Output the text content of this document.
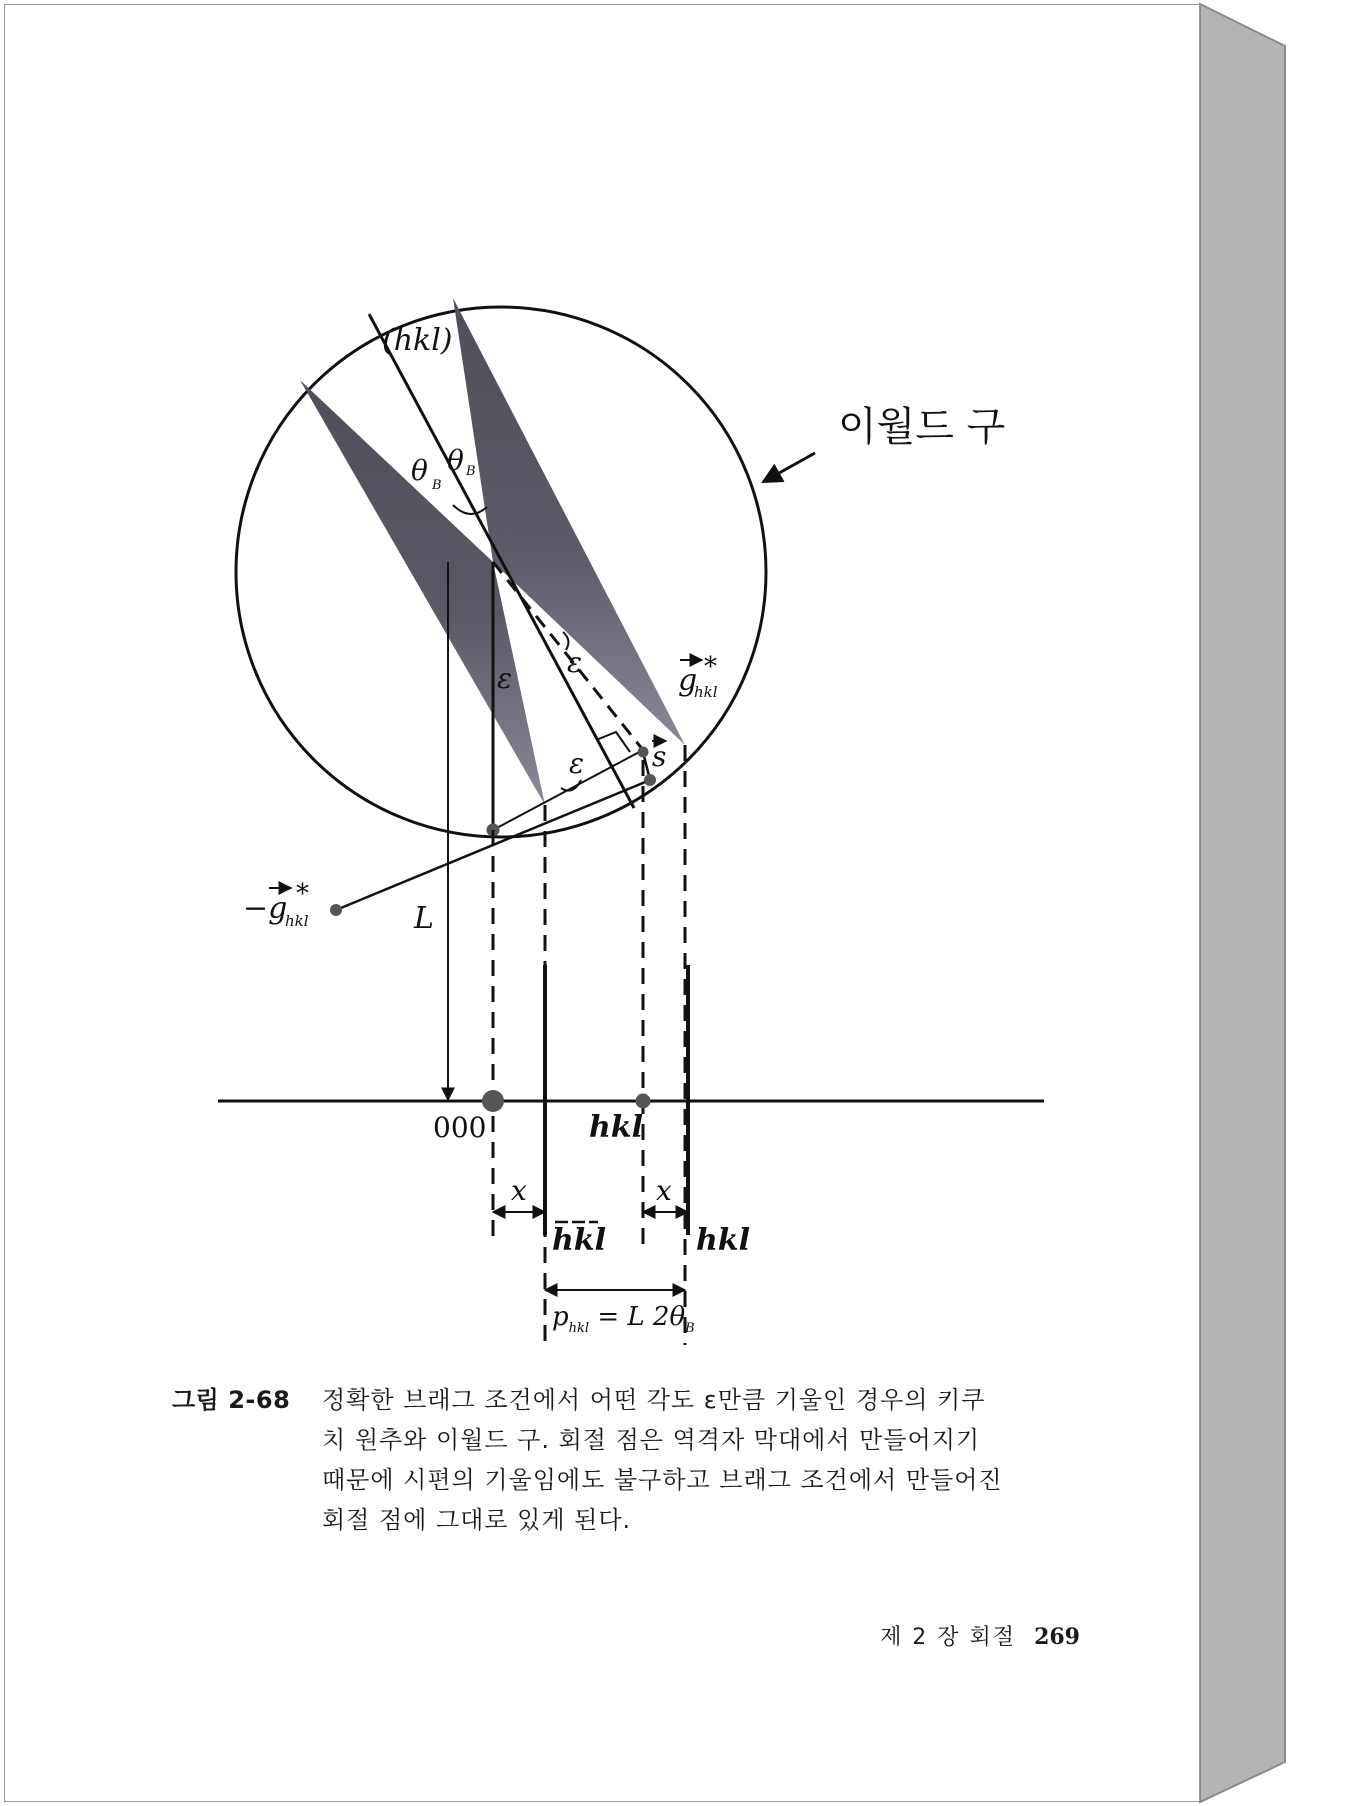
이월드 구
(hkl)
θ B
θ B
ε ε
ε
g
hkl
*
s
−g
hkl
*
L
000	hkl
x	x
hkl	hkl
$p_{hkl} = L$ $2\theta_B$
그림 2-68 정확한 브래그 조건에서 어떤 각도 ε만큼 기울인 경우의 키쿠
치 원추와 이월드 구. 회절 점은 역격자 막대에서 만들어지기
때문에 시편의 기울임에도 불구하고 브래그 조건에서 만들어진
회절 점에 그대로 있게 된다.
제 2 장 회절 269
